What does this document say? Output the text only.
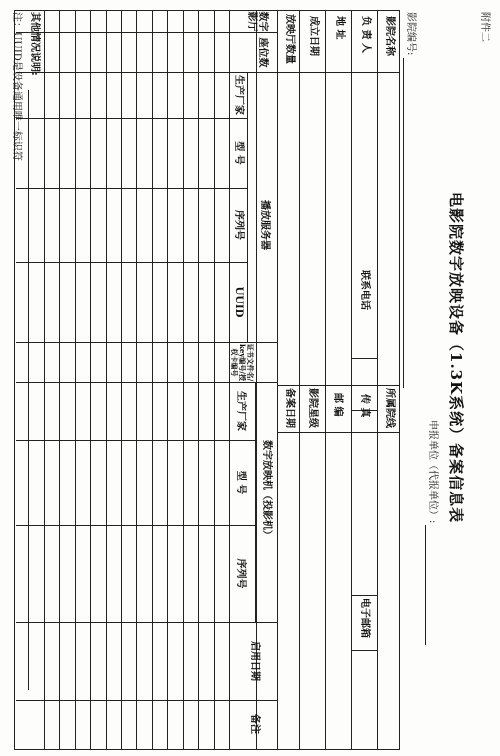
附件二
电影院数字放映设备（1.3K系统）备案信息表
申报单位（代报单位）:
影院编号:
影院名称
负 责 人
地 址
成立日期
放映厅数量
联系电话
所属院线
传 真
邮 编
影院星级
备案日期
电子邮箱
播放服务器
数字放映机（投影机）
数字影厅
座位数
生产厂家
型 号
序列号
UUID
证书文件名/key编号/授权卡编号
生产厂家
型 号
序列号
启用日期
备注
其他情况说明:
注：UUID是设备通用唯一标识符
